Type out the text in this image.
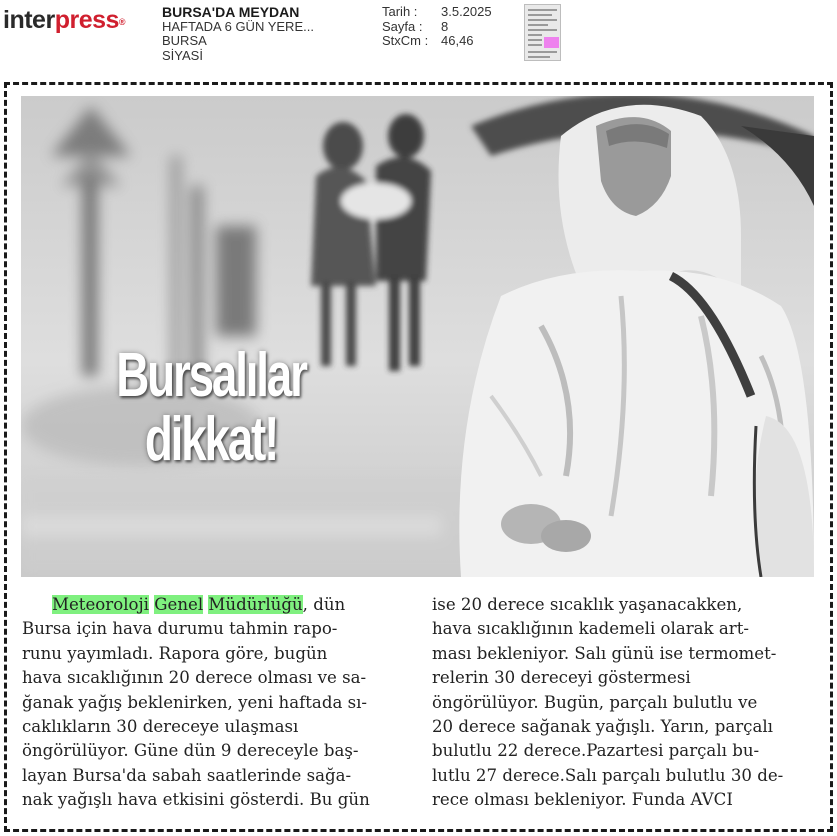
interpress®
BURSA'DA MEYDAN
HAFTADA 6 GÜN YERE...
BURSA
SİYASİ
Tarih :	3.5.2025
Sayfa :	8
StxCm : 46,46
Bursalılar
dikkat!
Meteoroloji Genel Müdürlüğü, dün
Bursa için hava durumu tahmin rapo-
runu yayımladı. Rapora göre, bugün
hava sıcaklığının 20 derece olması ve sa-
ğanak yağış beklenirken, yeni haftada sı-
caklıkların 30 dereceye ulaşması
öngörülüyor. Güne dün 9 dereceyle baş-
layan Bursa'da sabah saatlerinde sağa-
nak yağışlı hava etkisini gösterdi. Bu gün
ise 20 derece sıcaklık yaşanacakken,
hava sıcaklığının kademeli olarak art-
ması bekleniyor. Salı günü ise termomet-
relerin 30 dereceyi göstermesi
öngörülüyor. Bugün, parçalı bulutlu ve
20 derece sağanak yağışlı. Yarın, parçalı
bulutlu 22 derece.Pazartesi parçalı bu-
lutlu 27 derece.Salı parçalı bulutlu 30 de-
rece olması bekleniyor. Funda AVCI
